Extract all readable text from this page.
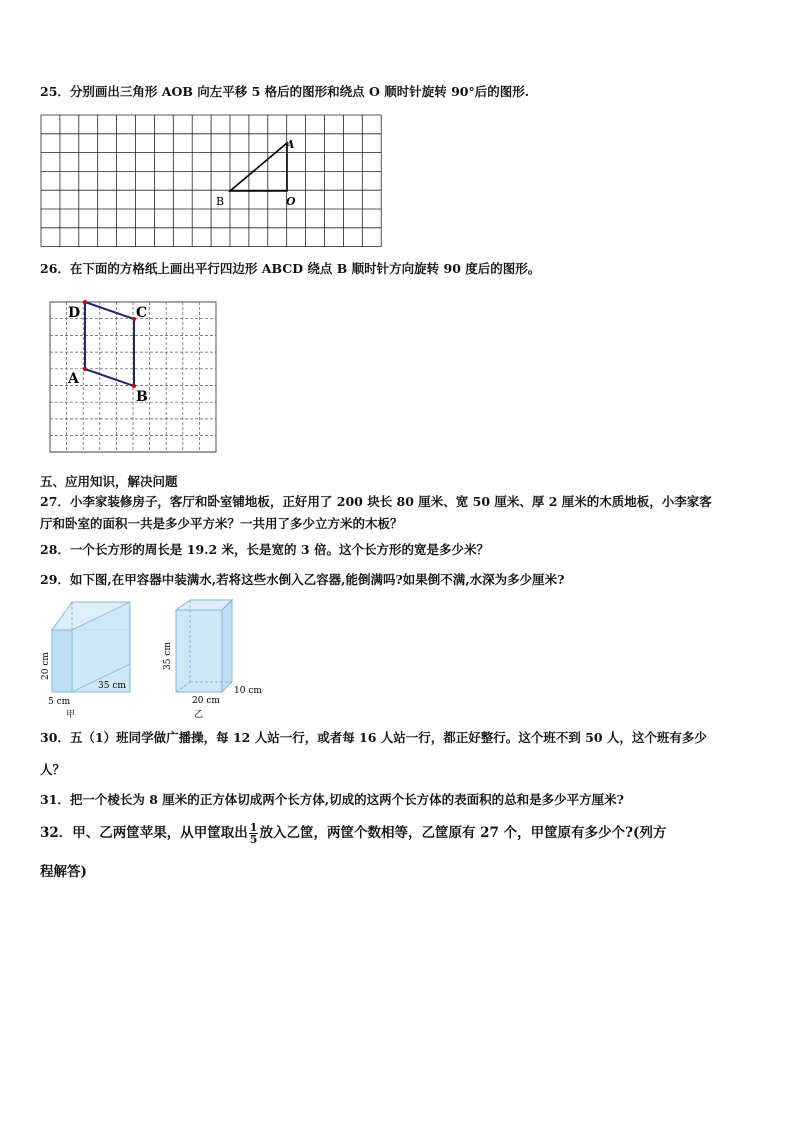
25．分别画出三角形 AOB 向左平移 5 格后的图形和绕点 O 顺时针旋转 90°后的图形.

A
B	O

26．在下面的方格纸上画出平行四边形 ABCD 绕点 B 顺时针方向旋转 90 度后的图形。

D	C
A
B

五、应用知识，解决问题

27．小李家装修房子，客厅和卧室铺地板，正好用了 200 块长 80 厘米、宽 50 厘米、厚 2 厘米的木质地板，小李家客

厅和卧室的面积一共是多少平方米？一共用了多少立方米的木板？

28．一个长方形的周长是 19.2 米，长是宽的 3 倍。这个长方形的宽是多少米？

29．如下图,在甲容器中装满水,若将这些水倒入乙容器,能倒满吗?如果倒不满,水深为多少厘米?

20 cm
35 cm
5 cm
甲
35 cm
20 cm
10 cm
乙

30．五（1）班同学做广播操，每 12 人站一行，或者每 16 人站一行，都正好整行。这个班不到 50 人，这个班有多少

人？

31．把一个棱长为 8 厘米的正方体切成两个长方体,切成的这两个长方体的表面积的总和是多少平方厘米?

32．甲、乙两筐苹果，从甲筐取出 $\frac{1}{5}$ 放入乙筐，两筐个数相等，乙筐原有 27 个，甲筐原有多少个?(列方

程解答)
